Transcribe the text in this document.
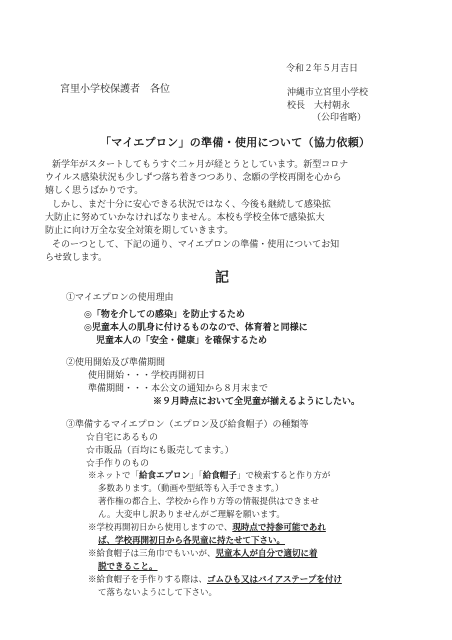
宮里小学校保護者　各位
令和２年５月吉日
沖縄市立宮里小学校
校長　大村朝永
（公印省略）
「マイエプロン」の準備・使用について（協力依頼）
新学年がスタートしてもうすぐ二ヶ月が経とうとしています。新型コロナ
ウイルス感染状況も少しずつ落ち着きつつあり、念願の学校再開を心から
嬉しく思うばかりです。
しかし、まだ十分に安心できる状況ではなく、今後も継続して感染拡
大防止に努めていかなければなりません。本校も学校全体で感染拡大
防止に向け万全な安全対策を期していきます。
そのーつとして、下記の通り、マイエプロンの準備・使用についてお知
らせ致します。
記
①マイエプロンの使用理由
◎「物を介しての感染」を防止するため
◎児童本人の肌身に付けるものなので、体育着と同様に
児童本人の「安全・健康」を確保するため
②使用開始及び準備期間
使用開始・・・学校再開初日
準備期間・・・本公文の通知から８月末まで
※９月時点において全児童が揃えるようにしたい。
③準備するマイエプロン（エプロン及び給食帽子）の種類等
☆自宅にあるもの
☆市販品（百均にも販売してます。）
☆手作りのもの
※ネットで「給食エプロン」「給食帽子」で検索すると作り方が
多数あります。（動画や型紙等も入手できます。）
著作権の都合上、学校から作り方等の情報提供はできませ
ん。大変申し訳ありませんがご理解を願います。
※学校再開初日から使用しますので、現時点で持参可能であれ
ば、学校再開初日から各児童に持たせて下さい。
※給食帽子は三角巾でもいいが、児童本人が自分で適切に着
脱できること。
※給食帽子を手作りする際は、ゴムひも又はバイアステープを付け
て落ちないようにして下さい。
